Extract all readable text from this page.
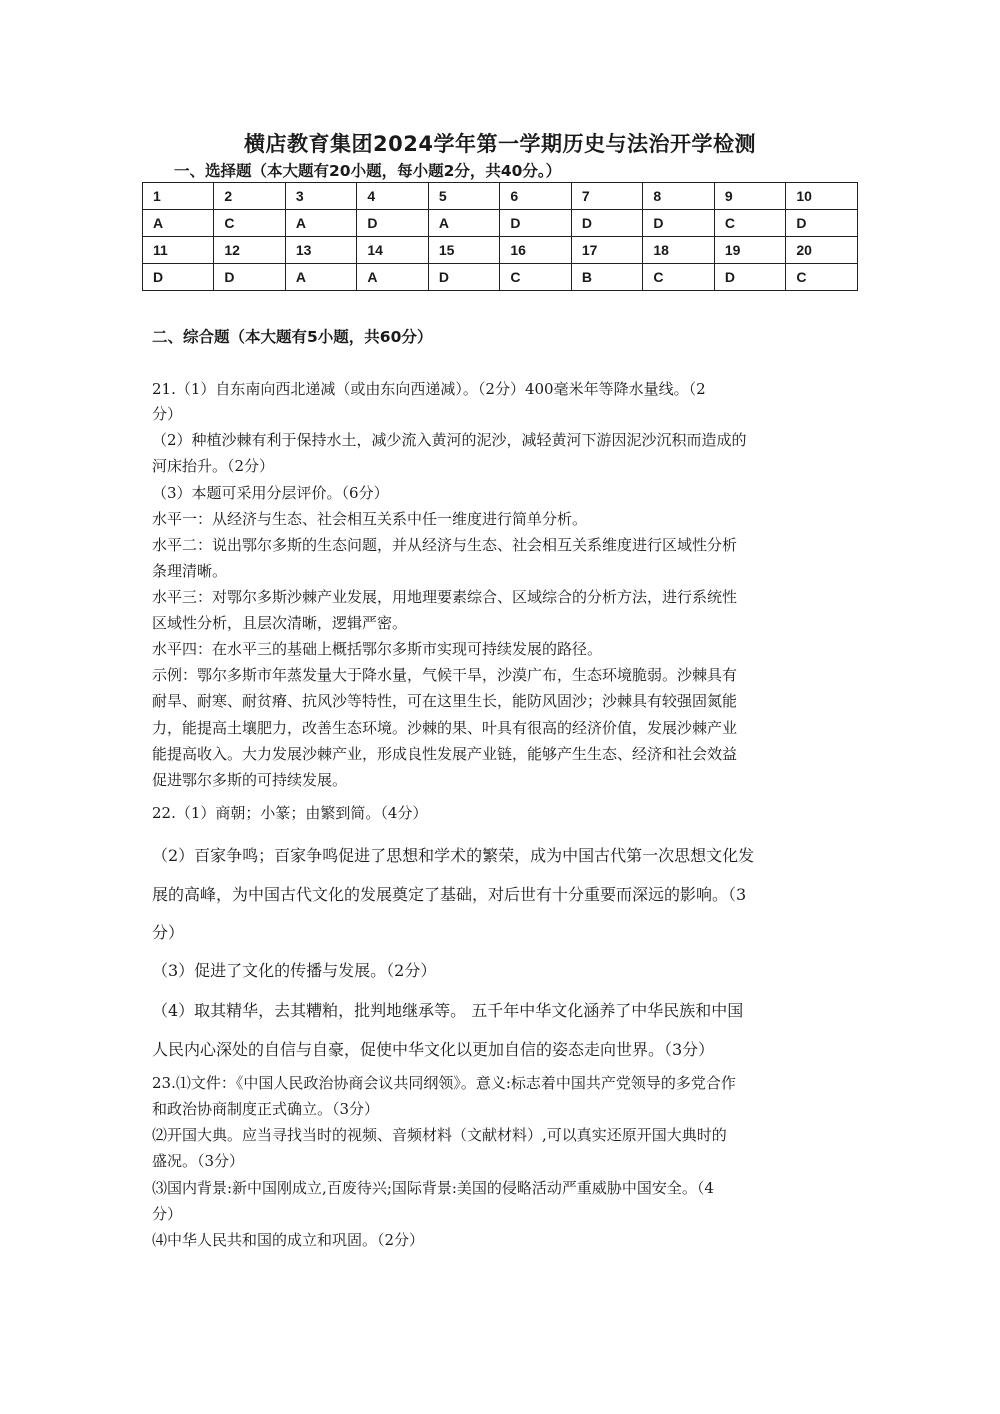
横店教育集团2024学年第一学期历史与法治开学检测
一、选择题（本大题有20小题，每小题2分，共40分。）
1	2	3	4	5	6	7	8	9	10
A	C	A	D	A	D	D	D	C	D
11	12	13	14	15	16	17	18	19	20
D	D	A	A	D	C	B	C	D	C
二、综合题（本大题有5小题，共60分）
21.（1）自东南向西北递减（或由东向西递减）。（2分）400毫米年等降水量线。（2
分）
（2）种植沙棘有利于保持水土，减少流入黄河的泥沙，减轻黄河下游因泥沙沉积而造成的
河床抬升。（2分）
（3）本题可采用分层评价。（6分）
水平一：从经济与生态、社会相互关系中任一维度进行简单分析。
水平二：说出鄂尔多斯的生态问题，并从经济与生态、社会相互关系维度进行区域性分析
条理清晰。
水平三：对鄂尔多斯沙棘产业发展，用地理要素综合、区域综合的分析方法，进行系统性
区域性分析，且层次清晰，逻辑严密。
水平四：在水平三的基础上概括鄂尔多斯市实现可持续发展的路径。
示例：鄂尔多斯市年蒸发量大于降水量，气候干旱，沙漠广布，生态环境脆弱。沙棘具有
耐旱、耐寒、耐贫瘠、抗风沙等特性，可在这里生长，能防风固沙；沙棘具有较强固氮能
力，能提高土壤肥力，改善生态环境。沙棘的果、叶具有很高的经济价值，发展沙棘产业
能提高收入。大力发展沙棘产业，形成良性发展产业链，能够产生生态、经济和社会效益
促进鄂尔多斯的可持续发展。
22.（1）商朝；小篆；由繁到简。（4分）
（2）百家争鸣；百家争鸣促进了思想和学术的繁荣，成为中国古代第一次思想文化发
展的高峰，为中国古代文化的发展奠定了基础，对后世有十分重要而深远的影响。（3
分）
（3）促进了文化的传播与发展。（2分）
（4）取其精华，去其糟粕，批判地继承等。 五千年中华文化涵养了中华民族和中国
人民内心深处的自信与自豪，促使中华文化以更加自信的姿态走向世界。（3分）
23.⑴文件：《中国人民政治协商会议共同纲领》。意义:标志着中国共产党领导的多党合作
和政治协商制度正式确立。（3分）
⑵开国大典。应当寻找当时的视频、音频材料（文献材料）,可以真实还原开国大典时的
盛况。（3分）
⑶国内背景:新中国刚成立,百废待兴;国际背景:美国的侵略活动严重威胁中国安全。（4
分）
⑷中华人民共和国的成立和巩固。（2分）
